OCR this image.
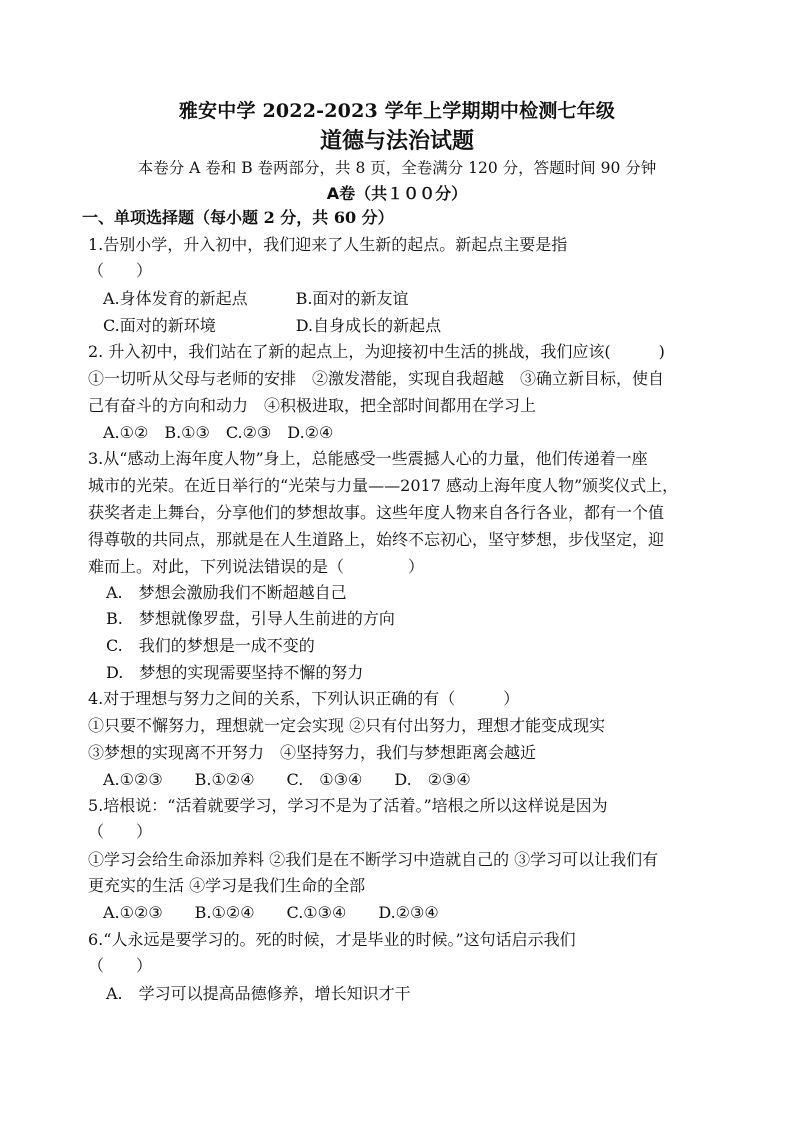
雅安中学 2022-2023 学年上学期期中检测七年级
道德与法治试题
本卷分 A 卷和 B 卷两部分，共 8 页，全卷满分 120 分，答题时间 90 分钟
A卷（共１００分）
一、单项选择题（每小题 2 分，共 60 分）
1.告别小学，升入初中，我们迎来了人生新的起点。新起点主要是指
（　　）
A.身体发育的新起点　　　B.面对的新友谊
C.面对的新环境　　　　　D.自身成长的新起点
2. 升入初中，我们站在了新的起点上，为迎接初中生活的挑战，我们应该(　　　)
①一切听从父母与老师的安排　②激发潜能，实现自我超越　③确立新目标，使自
己有奋斗的方向和动力　④积极进取，把全部时间都用在学习上
A.①②　B.①③　C.②③　D.②④
3.从“感动上海年度人物”身上，总能感受一些震撼人心的力量，他们传递着一座
城市的光荣。在近日举行的“光荣与力量——2017 感动上海年度人物”颁奖仪式上，
获奖者走上舞台，分享他们的梦想故事。这些年度人物来自各行各业，都有一个值
得尊敬的共同点，那就是在人生道路上，始终不忘初心，坚守梦想，步伐坚定，迎
难而上。对此，下列说法错误的是（　　　　）
A.　梦想会激励我们不断超越自己
B.　梦想就像罗盘，引导人生前进的方向
C.　我们的梦想是一成不变的
D.　梦想的实现需要坚持不懈的努力
4.对于理想与努力之间的关系，下列认识正确的有（　　　）
①只要不懈努力，理想就一定会实现 ②只有付出努力，理想才能变成现实
③梦想的实现离不开努力　④坚持努力，我们与梦想距离会越近
A.①②③　　B.①②④　　C.　①③④　　D.　②③④
5.培根说：“活着就要学习，学习不是为了活着。”培根之所以这样说是因为
（　　）
①学习会给生命添加养料 ②我们是在不断学习中造就自己的 ③学习可以让我们有
更充实的生活 ④学习是我们生命的全部
A.①②③　　B.①②④　　C.①③④　　D.②③④
6.“人永远是要学习的。死的时候，才是毕业的时候。”这句话启示我们
（　　）
A.　学习可以提高品德修养，增长知识才干
